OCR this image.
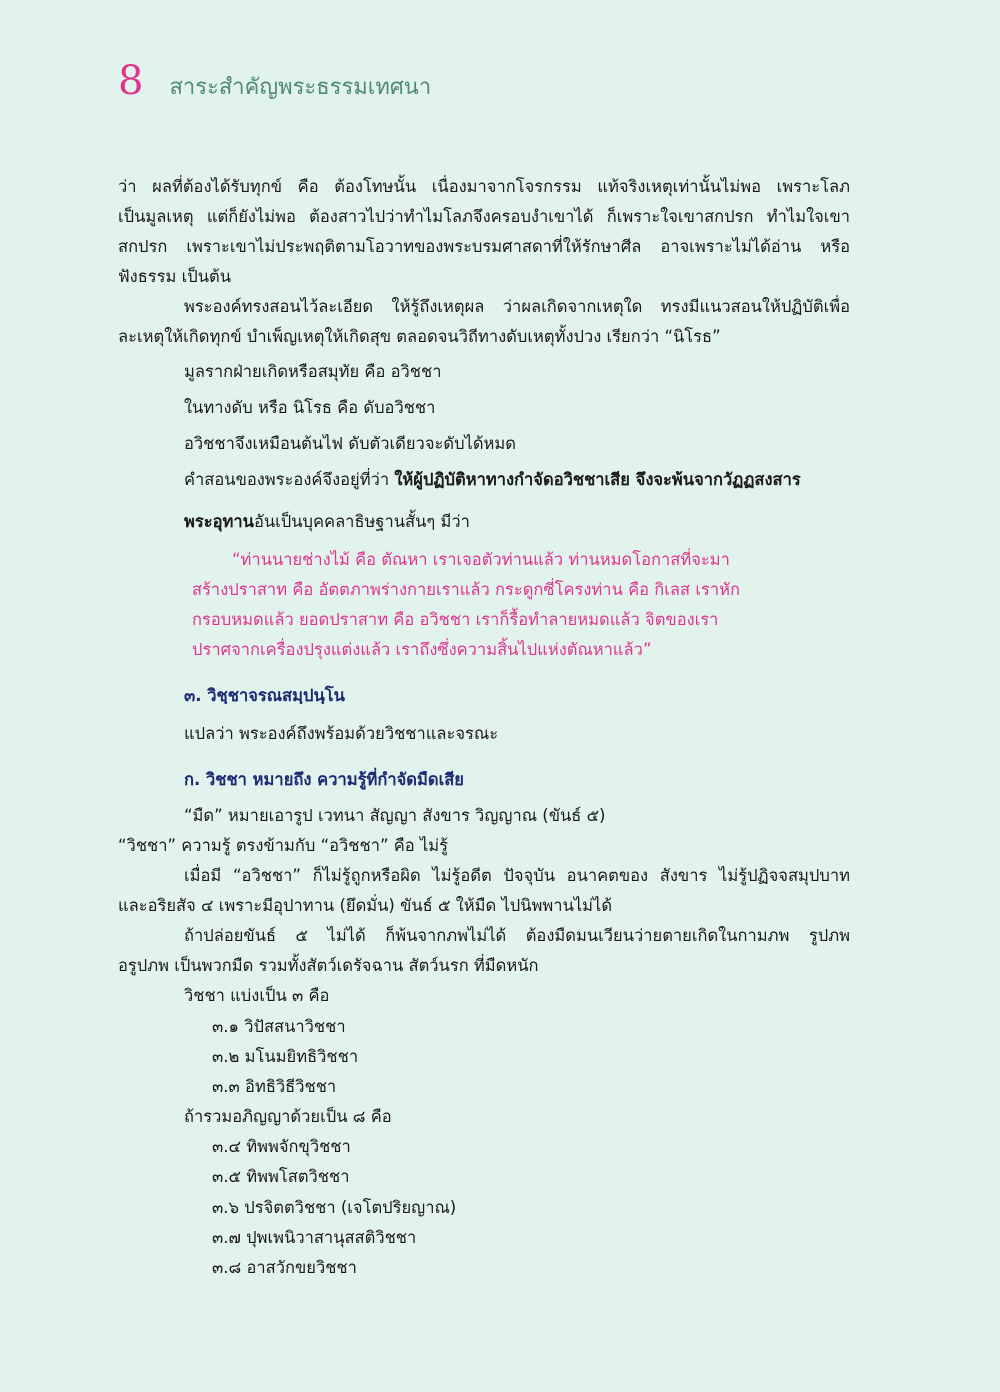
8 สาระสำคัญพระธรรมเทศนา
ว่า ผลที่ต้องได้รับทุกข์ คือ ต้องโทษนั้น เนื่องมาจากโจรกรรม แท้จริงเหตุเท่านั้นไม่พอ เพราะโลภ
เป็นมูลเหตุ แต่ก็ยังไม่พอ ต้องสาวไปว่าทำไมโลภจึงครอบงำเขาได้ ก็เพราะใจเขาสกปรก ทำไมใจเขา
สกปรก เพราะเขาไม่ประพฤติตามโอวาทของพระบรมศาสดาที่ให้รักษาศีล อาจเพราะไม่ได้อ่าน หรือ
ฟังธรรม เป็นต้น
พระองค์ทรงสอนไว้ละเอียด ให้รู้ถึงเหตุผล ว่าผลเกิดจากเหตุใด ทรงมีแนวสอนให้ปฏิบัติเพื่อ
ละเหตุให้เกิดทุกข์ บำเพ็ญเหตุให้เกิดสุข ตลอดจนวิถีทางดับเหตุทั้งปวง เรียกว่า “นิโรธ”
มูลรากฝ่ายเกิดหรือสมุทัย คือ อวิชชา
ในทางดับ หรือ นิโรธ คือ ดับอวิชชา
อวิชชาจึงเหมือนต้นไฟ ดับตัวเดียวจะดับได้หมด
คำสอนของพระองค์จึงอยู่ที่ว่า ให้ผู้ปฏิบัติหาทางกำจัดอวิชชาเสีย จึงจะพ้นจากวัฏฏสงสาร
พระอุทานอันเป็นบุคคลาธิษฐานสั้นๆ มีว่า
“ท่านนายช่างไม้ คือ ตัณหา เราเจอตัวท่านแล้ว ท่านหมดโอกาสที่จะมา
สร้างปราสาท คือ อัตตภาพร่างกายเราแล้ว กระดูกซี่โครงท่าน คือ กิเลส เราหัก
กรอบหมดแล้ว ยอดปราสาท คือ อวิชชา เราก็รื้อทำลายหมดแล้ว จิตของเรา
ปราศจากเครื่องปรุงแต่งแล้ว เราถึงซึ่งความสิ้นไปแห่งตัณหาแล้ว”
๓. วิชฺชาจรณสมฺปนฺโน
แปลว่า พระองค์ถึงพร้อมด้วยวิชชาและจรณะ
ก. วิชชา หมายถึง ความรู้ที่กำจัดมืดเสีย
“มืด” หมายเอารูป เวทนา สัญญา สังขาร วิญญาณ (ขันธ์ ๕)
“วิชชา” ความรู้ ตรงข้ามกับ “อวิชชา” คือ ไม่รู้
เมื่อมี “อวิชชา” ก็ไม่รู้ถูกหรือผิด ไม่รู้อดีต ปัจจุบัน อนาคตของ สังขาร ไม่รู้ปฏิจจสมุปบาท
และอริยสัจ ๔ เพราะมีอุปาทาน (ยึดมั่น) ขันธ์ ๕ ให้มืด ไปนิพพานไม่ได้
ถ้าปล่อยขันธ์ ๕ ไม่ได้ ก็พ้นจากภพไม่ได้ ต้องมืดมนเวียนว่ายตายเกิดในกามภพ รูปภพ
อรูปภพ เป็นพวกมืด รวมทั้งสัตว์เดรัจฉาน สัตว์นรก ที่มืดหนัก
วิชชา แบ่งเป็น ๓ คือ
๓.๑ วิปัสสนาวิชชา
๓.๒ มโนมยิทธิวิชชา
๓.๓ อิทธิวิธีวิชชา
ถ้ารวมอภิญญาด้วยเป็น ๘ คือ
๓.๔ ทิพพจักขุวิชชา
๓.๕ ทิพพโสตวิชชา
๓.๖ ปรจิตตวิชชา (เจโตปริยญาณ)
๓.๗ ปุพเพนิวาสานุสสติวิชชา
๓.๘ อาสวักขยวิชชา
